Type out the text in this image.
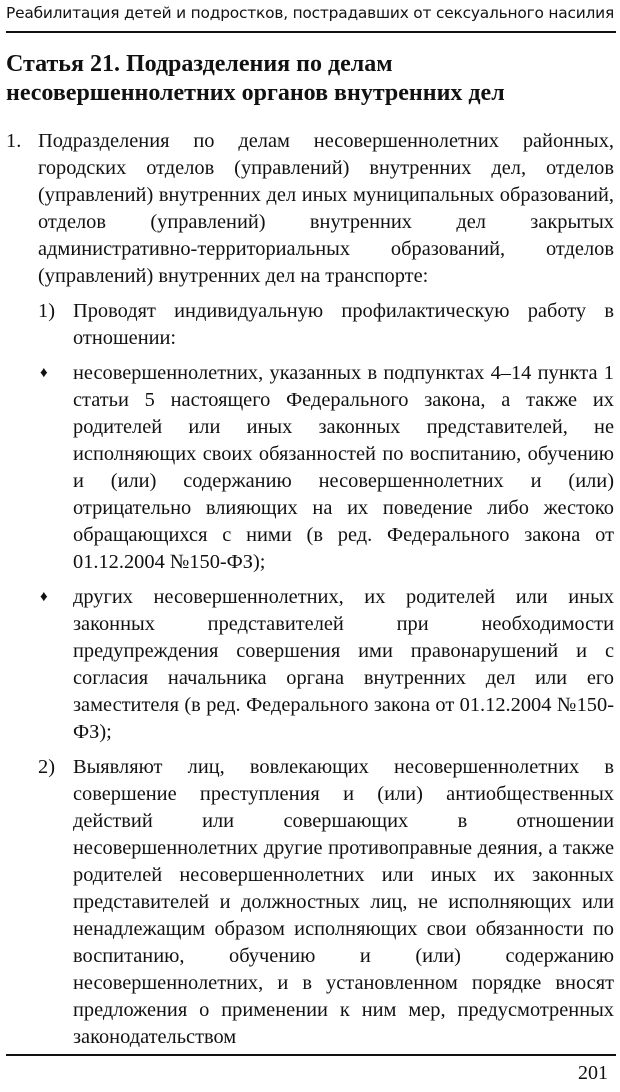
Реабилитация детей и подростков, пострадавших от сексуального насилия
Статья 21. Подразделения по делам
несовершеннолетних органов внутренних дел
1. Подразделения по делам несовершеннолетних районных, городских отделов (управлений) внутренних дел, отделов (управлений) внутренних дел иных муниципальных образований, отделов (управлений) внутренних дел закрытых административно-территориальных образований, отделов (управлений) внутренних дел на транспорте:
1) Проводят индивидуальную профилактическую работу в отношении:
♦ несовершеннолетних, указанных в подпунктах 4–14 пункта 1 статьи 5 настоящего Федерального закона, а также их родителей или иных законных представителей, не исполняющих своих обязанностей по воспитанию, обучению и (или) содержанию несовершеннолетних и (или) отрицательно влияющих на их поведение либо жестоко обращающихся с ними (в ред. Федерального закона от 01.12.2004 №150-ФЗ);
♦ других несовершеннолетних, их родителей или иных законных представителей при необходимости предупреждения совершения ими правонарушений и с согласия начальника органа внутренних дел или его заместителя (в ред. Федерального закона от 01.12.2004 №150-ФЗ);
2) Выявляют лиц, вовлекающих несовершеннолетних в совершение преступления и (или) антиобщественных действий или совершающих в отношении несовершеннолетних другие противоправные деяния, а также родителей несовершеннолетних или иных их законных представителей и должностных лиц, не исполняющих или ненадлежащим образом исполняющих свои обязанности по воспитанию, обучению и (или) содержанию несовершеннолетних, и в установленном порядке вносят предложения о применении к ним мер, предусмотренных законодательством
201
